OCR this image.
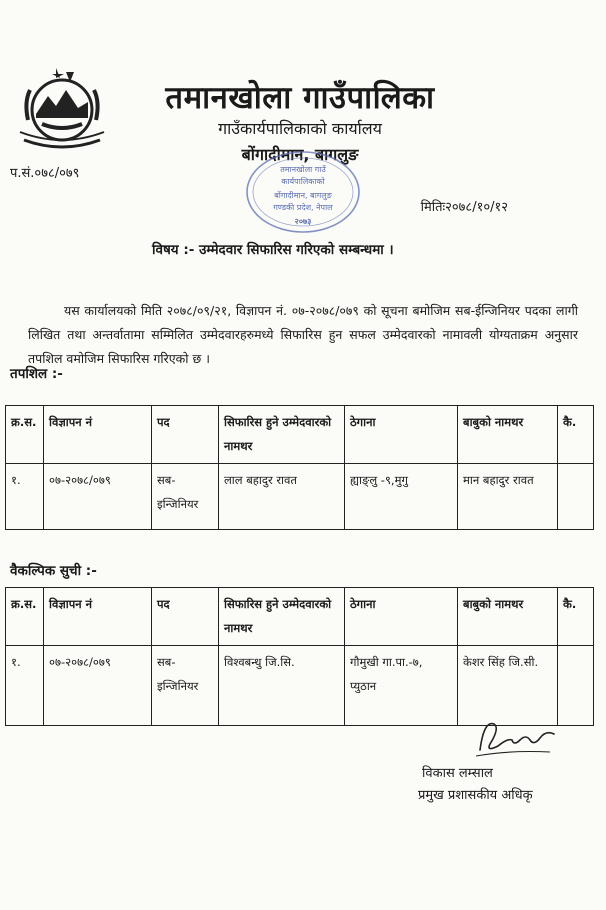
तमानखोला गाउँपालिका
गाउँकार्यपालिकाको कार्यालय
बोंगादीमान, बागलुङ
प.सं.०७८/०७९	तमानखोला गाउँ
कार्यपालिकाको
बोंगादीमान, बागलुङ
गण्डकी प्रदेश, नेपाल
२०७३
मितिः२०७८/१०/१२
विषय :- उम्मेदवार सिफारिस गरिएको सम्बन्धमा ।
यस कार्यालयको मिति २०७८/०९/२१, विज्ञापन नं. ०७-२०७८/०७९ को सूचना बमोजिम सब-ईन्जिनियर पदका लागी लिखित तथा अन्तर्वातामा सम्मिलित उम्मेदवारहरुमध्ये सिफारिस हुन सफल उम्मेदवारको नामावली योग्यताक्रम अनुसार तपशिल वमोजिम सिफारिस गरिएको छ ।
तपशिल :-
क्र.स.	विज्ञापन नं	पद	सिफारिस हुने उम्मेदवारको नामथर	ठेगाना	बाबुको नामथर	कै.
१.	०७-२०७८/०७९	सब-इन्जिनियर	लाल बहादुर रावत	ह्याङ्लु -९,मुगु	मान बहादुर रावत	
वैकल्पिक सुची :-
क्र.स.	विज्ञापन नं	पद	सिफारिस हुने उम्मेदवारको नामथर	ठेगाना	बाबुको नामथर	कै.
१.	०७-२०७८/०७९	सब-इन्जिनियर	विश्वबन्धु जि.सि.	गौमुखी गा.पा.-७, प्युठान	केशर सिंह जि.सी.	
विकास लम्साल
प्रमुख प्रशासकीय अधिकृ
